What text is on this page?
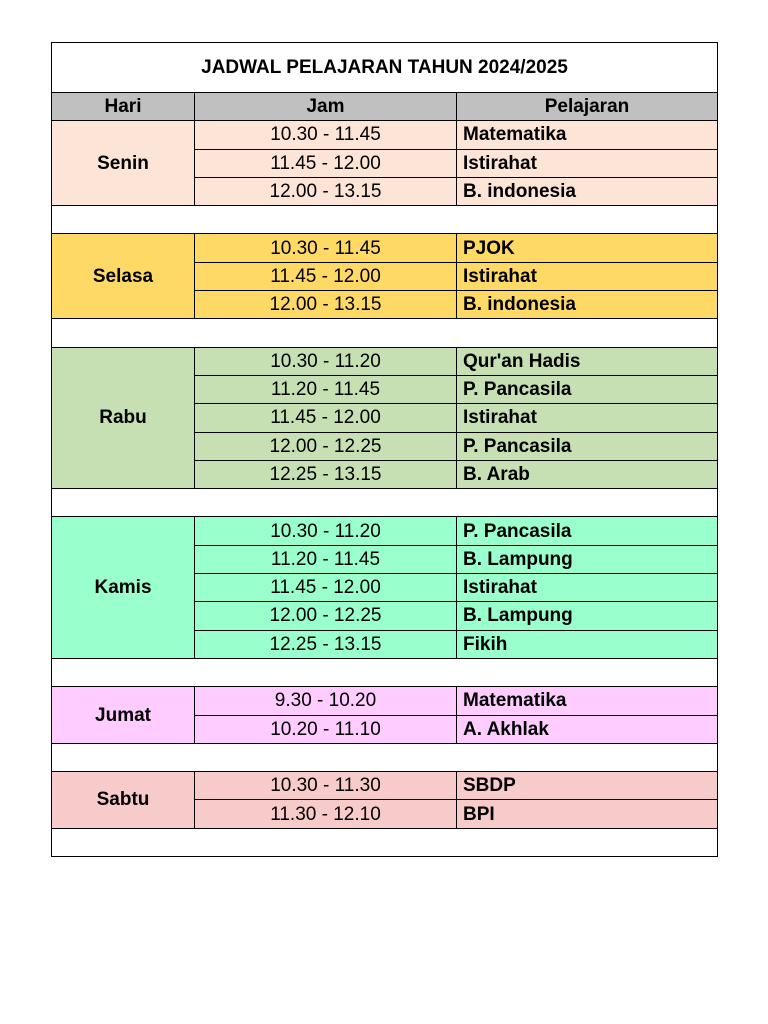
JADWAL PELAJARAN TAHUN 2024/2025		
Hari	Jam	Pelajaran
Senin	10.30 - 11.45	Matematika
	11.45 - 12.00	Istirahat
	12.00 - 13.15	B. indonesia

Selasa	10.30 - 11.45	PJOK
	11.45 - 12.00	Istirahat
	12.00 - 13.15	B. indonesia

Rabu	10.30 - 11.20	Qur'an Hadis
	11.20 - 11.45	P. Pancasila
	11.45 - 12.00	Istirahat
	12.00 - 12.25	P. Pancasila
	12.25 - 13.15	B. Arab

Kamis	10.30 - 11.20	P. Pancasila
	11.20 - 11.45	B. Lampung
	11.45 - 12.00	Istirahat
	12.00 - 12.25	B. Lampung
	12.25 - 13.15	Fikih

Jumat	9.30 - 10.20	Matematika
	10.20 - 11.10	A. Akhlak

Sabtu	10.30 - 11.30	SBDP
	11.30 - 12.10	BPI
